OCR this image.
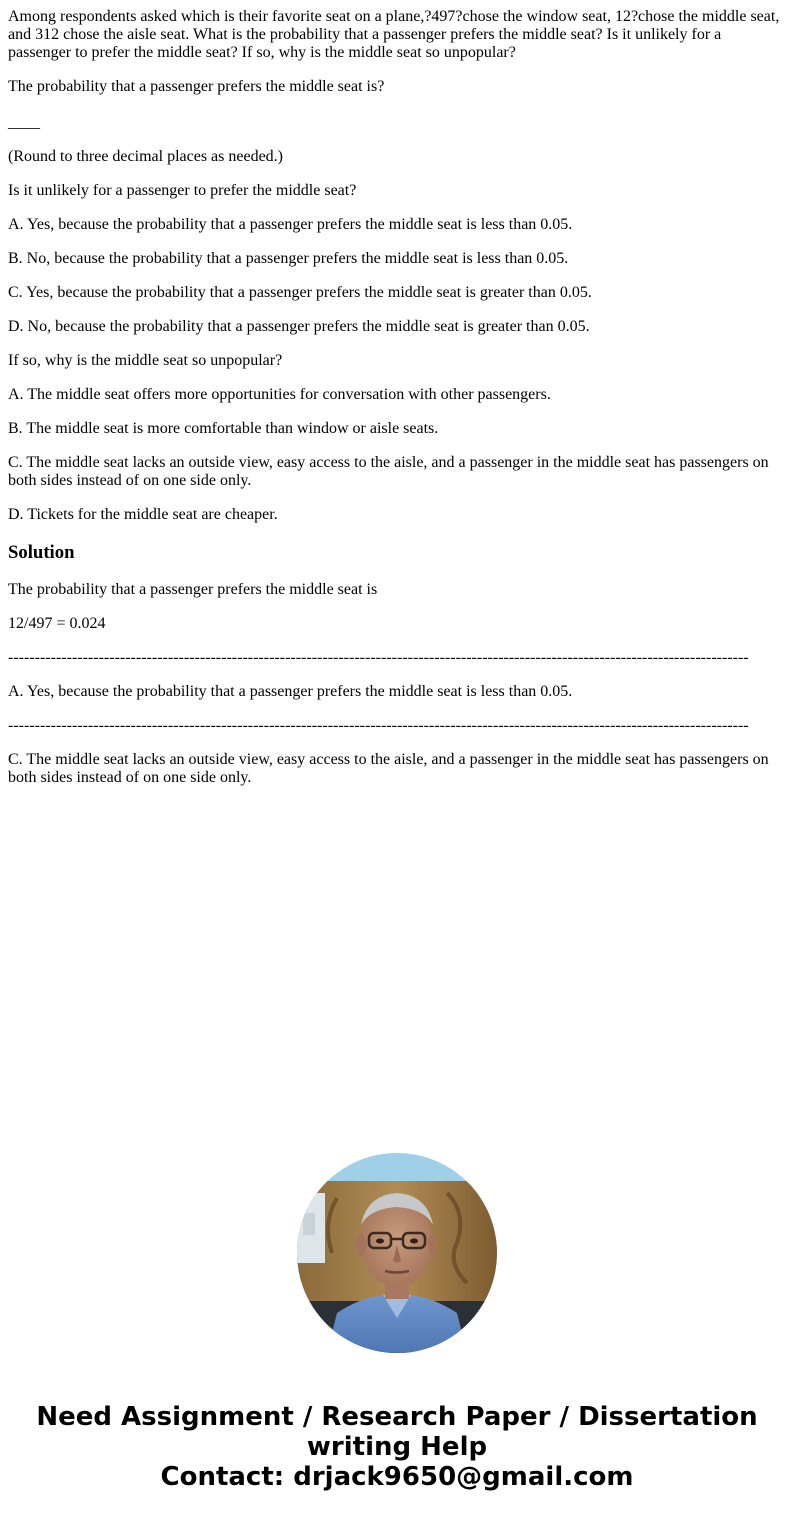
Among respondents asked which is their favorite seat on a plane,?497?chose the window seat, 12?chose the middle seat, and 312 chose the aisle seat. What is the probability that a passenger prefers the middle seat? Is it unlikely for a passenger to prefer the middle seat? If so, why is the middle seat so unpopular?

The probability that a passenger prefers the middle seat is?

____

(Round to three decimal places as needed.)

Is it unlikely for a passenger to prefer the middle seat?

A. Yes, because the probability that a passenger prefers the middle seat is less than 0.05.

B. No, because the probability that a passenger prefers the middle seat is less than 0.05.

C. Yes, because the probability that a passenger prefers the middle seat is greater than 0.05.

D. No, because the probability that a passenger prefers the middle seat is greater than 0.05.

If so, why is the middle seat so unpopular?

A. The middle seat offers more opportunities for conversation with other passengers.

B. The middle seat is more comfortable than window or aisle seats.

C. The middle seat lacks an outside view, easy access to the aisle, and a passenger in the middle seat has passengers on both sides instead of on one side only.

D. Tickets for the middle seat are cheaper.

Solution

The probability that a passenger prefers the middle seat is

12/497 = 0.024

-------------------------------------------------------------------------------------------------------------------------------------------

A. Yes, because the probability that a passenger prefers the middle seat is less than 0.05.

-------------------------------------------------------------------------------------------------------------------------------------------

C. The middle seat lacks an outside view, easy access to the aisle, and a passenger in the middle seat has passengers on both sides instead of on one side only.

Need Assignment / Research Paper / Dissertation
writing Help
Contact: drjack9650@gmail.com
